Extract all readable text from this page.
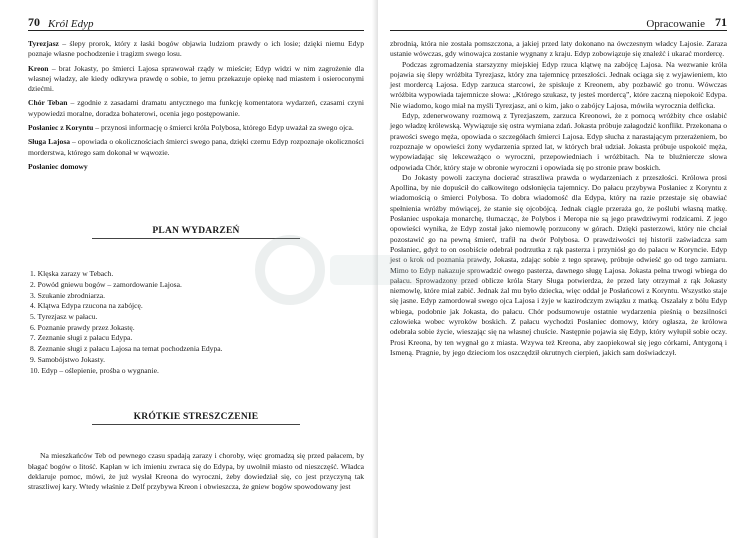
70 Król Edyp

Tyrezjasz – ślepy prorok, który z łaski bogów objawia ludziom prawdy o ich losie; dzięki niemu Edyp poznaje własne pochodzenie i tragizm swego losu.

Kreon – brat Jokasty, po śmierci Lajosa sprawował rządy w mieście; Edyp widzi w nim zagrożenie dla własnej władzy, ale kiedy odkrywa prawdę o sobie, to jemu przekazuje opiekę nad miastem i osieroconymi dziećmi.

Chór Teban – zgodnie z zasadami dramatu antycznego ma funkcję komentatora wydarzeń, czasami czyni wypowiedzi moralne, doradza bohaterowi, ocenia jego postępowanie.

Posłaniec z Koryntu – przynosi informację o śmierci króla Polybosa, którego Edyp uważał za swego ojca.

Sługa Lajosa – opowiada o okolicznościach śmierci swego pana, dzięki czemu Edyp rozpoznaje okoliczności morderstwa, którego sam dokonał w wąwozie.

Posłaniec domowy

PLAN WYDARZEŃ
1. Klęska zarazy w Tebach.
2. Powód gniewu bogów – zamordowanie Lajosa.
3. Szukanie zbrodniarza.
4. Klątwa Edypa rzucona na zabójcę.
5. Tyrezjasz w pałacu.
6. Poznanie prawdy przez Jokastę.
7. Zeznanie sługi z pałacu Edypa.
8. Zeznanie sługi z pałacu Lajosa na temat pochodzenia Edypa.
9. Samobójstwo Jokasty.
10. Edyp – oślepienie, prośba o wygnanie.
KRÓTKIE STRESZCZENIE

Na mieszkańców Teb od pewnego czasu spadają zarazy i choroby, więc gromadzą się przed pałacem, by błagać bogów o litość. Kapłan w ich imieniu zwraca się do Edypa, by uwolnił miasto od nieszczęść. Władca deklaruje pomoc, mówi, że już wysłał Kreona do wyroczni, żeby dowiedział się, co jest przyczyną tak straszliwej kary. Wtedy właśnie z Delf przybywa Kreon i obwieszcza, że gniew bogów spowodowany jest

Opracowanie 71

zbrodnią, która nie została pomszczona, a jakiej przed laty dokonano na ówczesnym władcy Lajosie. Zaraza ustanie wówczas, gdy winowajca zostanie wygnany z kraju. Edyp zobowiązuje się znaleźć i ukarać mordercę.

Podczas zgromadzenia starszyzny miejskiej Edyp rzuca klątwę na zabójcę Lajosa. Na wezwanie króla pojawia się ślepy wróżbita Tyrezjasz, który zna tajemnicę przeszłości. Jednak ociąga się z wyjawieniem, kto jest mordercą Lajosa. Edyp zarzuca starcowi, że spiskuje z Kreonem, aby pozbawić go tronu. Wówczas wróżbita wypowiada tajemnicze słowa: „Którego szukasz, ty jesteś mordercą”, które zaczną niepokoić Edypa. Nie wiadomo, kogo miał na myśli Tyrezjasz, ani o kim, jako o zabójcy Lajosa, mówiła wyrocznia delficka.

Edyp, zdenerwowany rozmową z Tyrezjaszem, zarzuca Kreonowi, że z pomocą wróżbity chce osłabić jego władzę królewską. Wywiązuje się ostra wymiana zdań. Jokasta próbuje załagodzić konflikt. Przekonana o prawości swego męża, opowiada o szczegółach śmierci Lajosa. Edyp słucha z narastającym przerażeniem, bo rozpoznaje w opowieści żony wydarzenia sprzed lat, w których brał udział. Jokasta próbuje uspokoić męża, wypowiadając się lekceważąco o wyroczni, przepowiedniach i wróżbitach. Na te bluźniercze słowa odpowiada Chór, który staje w obronie wyroczni i opowiada się po stronie praw boskich.

Do Jokasty powoli zaczyna docierać straszliwa prawda o wydarzeniach z przeszłości. Królowa prosi Apollina, by nie dopuścił do całkowitego odsłonięcia tajemnicy. Do pałacu przybywa Posłaniec z Koryntu z wiadomością o śmierci Polybosa. To dobra wiadomość dla Edypa, który na razie przestaje się obawiać spełnienia wróżby mówiącej, że stanie się ojcobójcą. Jednak ciągle przeraża go, że poślubi własną matkę. Posłaniec uspokaja monarchę, tłumacząc, że Polybos i Meropa nie są jego prawdziwymi rodzicami. Z jego opowieści wynika, że Edyp został jako niemowlę porzucony w górach. Dzięki pasterzowi, który nie chciał pozostawić go na pewną śmierć, trafił na dwór Polybosa. O prawdziwości tej historii zaświadcza sam Posłaniec, gdyż to on osobiście odebrał podrzutka z rąk pasterza i przyniósł go do pałacu w Koryncie. Edyp jest o krok od poznania prawdy, Jokasta, zdając sobie z tego sprawę, próbuje odwieść go od tego zamiaru. Mimo to Edyp nakazuje sprowadzić owego pasterza, dawnego sługę Lajosa. Jokasta pełna trwogi wbiega do pałacu. Sprowadzony przed oblicze króla Stary Sługa potwierdza, że przed laty otrzymał z rąk Jokasty niemowlę, które miał zabić. Jednak żal mu było dziecka, więc oddał je Posłańcowi z Koryntu. Wszystko staje się jasne. Edyp zamordował swego ojca Lajosa i żyje w kazirodczym związku z matką. Oszalały z bólu Edyp wbiega, podobnie jak Jokasta, do pałacu. Chór podsumowuje ostatnie wydarzenia pieśnią o bezsilności człowieka wobec wyroków boskich. Z pałacu wychodzi Posłaniec domowy, który ogłasza, że królowa odebrała sobie życie, wieszając się na własnej chuście. Następnie pojawia się Edyp, który wyłupił sobie oczy. Prosi Kreona, by ten wygnał go z miasta. Wzywa też Kreona, aby zaopiekował się jego córkami, Antygoną i Ismeną. Pragnie, by jego dzieciom los oszczędził okrutnych cierpień, jakich sam doświadczył.
